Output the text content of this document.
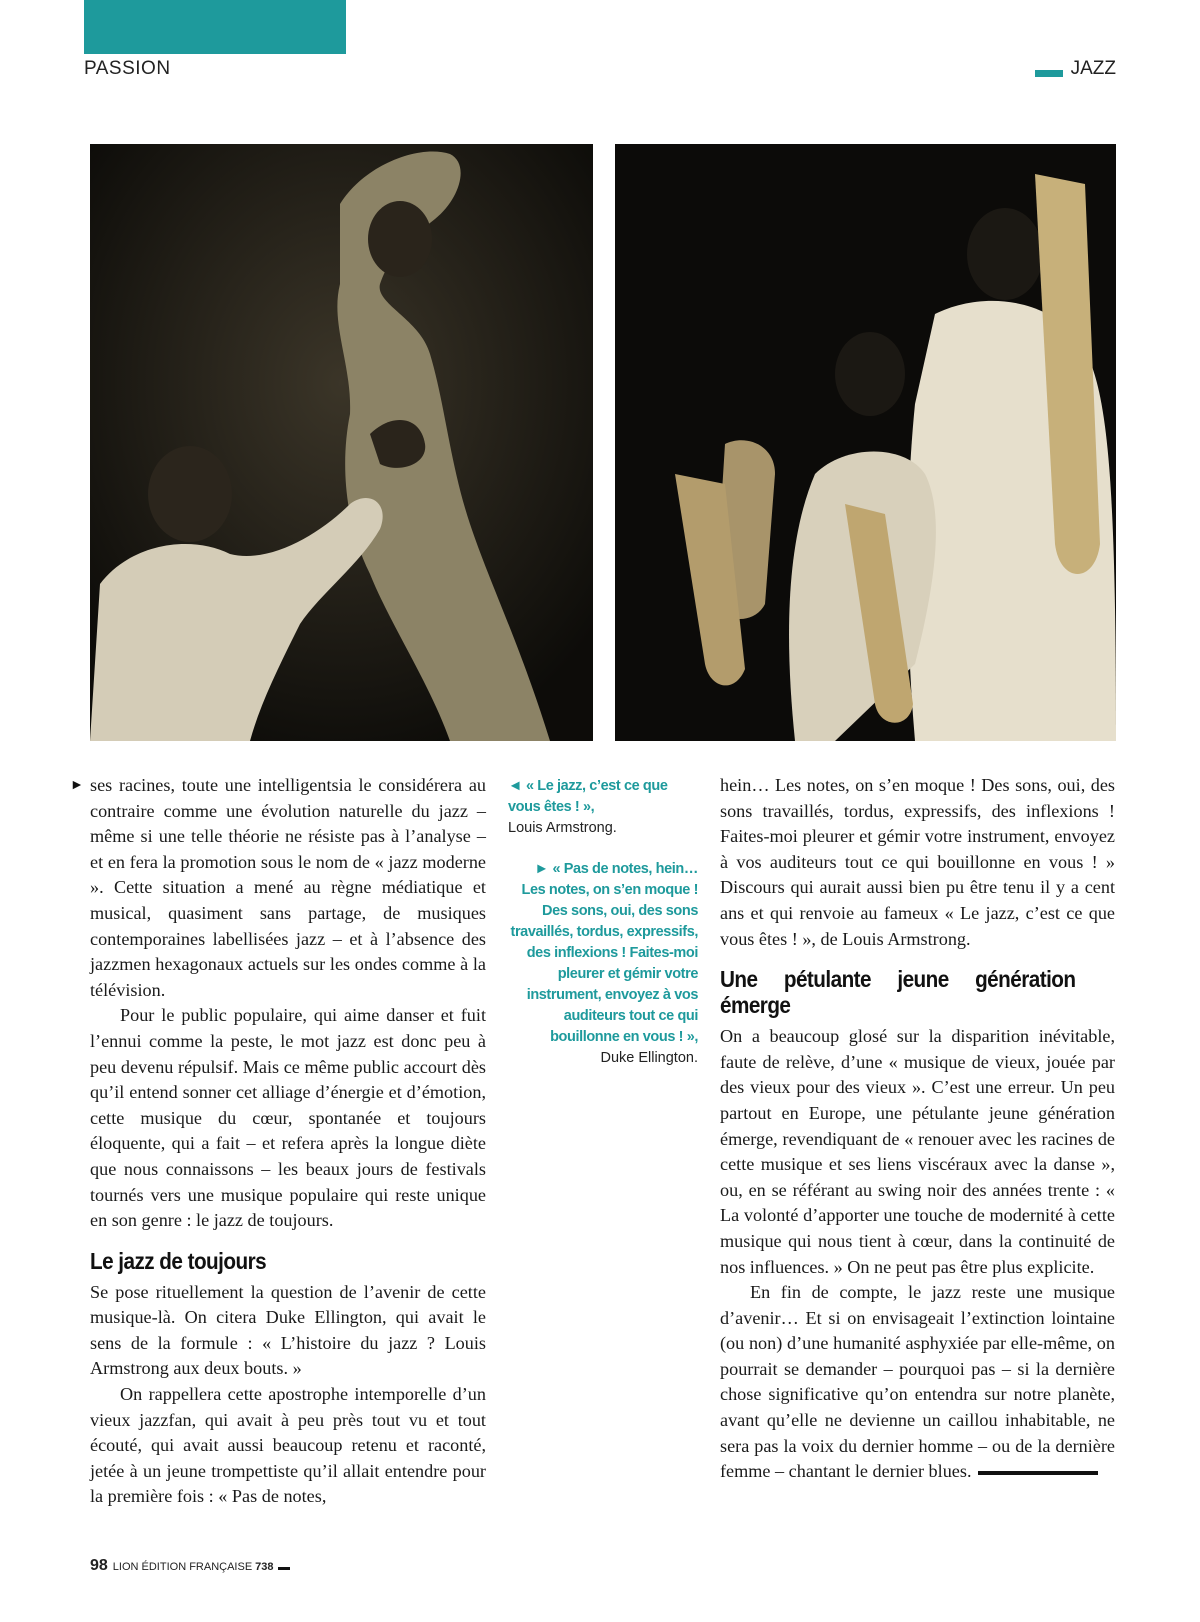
PASSION	JAZZ
► ses racines, toute une intelligentsia le considérera au contraire comme une évolution naturelle du jazz – même si une telle théorie ne résiste pas à l’analyse – et en fera la promotion sous le nom de « jazz moderne ». Cette situation a mené au règne médiatique et musical, quasiment sans partage, de musiques contemporaines labellisées jazz – et à l’absence des jazzmen hexagonaux actuels sur les ondes comme à la télévision.

Pour le public populaire, qui aime danser et fuit l’ennui comme la peste, le mot jazz est donc peu à peu devenu répulsif. Mais ce même public accourt dès qu’il entend sonner cet alliage d’énergie et d’émotion, cette musique du cœur, spontanée et toujours éloquente, qui a fait – et refera après la longue diète que nous connaissons – les beaux jours de festivals tournés vers une musique populaire qui reste unique en son genre : le jazz de toujours.

Le jazz de toujours

Se pose rituellement la question de l’avenir de cette musique-là. On citera Duke Ellington, qui avait le sens de la formule : « L’histoire du jazz ? Louis Armstrong aux deux bouts. »

On rappellera cette apostrophe intemporelle d’un vieux jazzfan, qui avait à peu près tout vu et tout écouté, qui avait aussi beaucoup retenu et raconté, jetée à un jeune trompettiste qu’il allait entendre pour la première fois : « Pas de notes,

◄ « Le jazz, c’est ce que vous êtes ! »,
Louis Armstrong.
► « Pas de notes, hein… Les notes, on s’en moque ! Des sons, oui, des sons travaillés, tordus, expressifs, des inflexions ! Faites-moi pleurer et gémir votre instrument, envoyez à vos auditeurs tout ce qui bouillonne en vous ! »,
Duke Ellington.

hein… Les notes, on s’en moque ! Des sons, oui, des sons travaillés, tordus, expressifs, des inflexions ! Faites-moi pleurer et gémir votre instrument, envoyez à vos auditeurs tout ce qui bouillonne en vous ! » Discours qui aurait aussi bien pu être tenu il y a cent ans et qui renvoie au fameux « Le jazz, c’est ce que vous êtes ! », de Louis Armstrong.

Une pétulante jeune génération émerge

On a beaucoup glosé sur la disparition inévitable, faute de relève, d’une « musique de vieux, jouée par des vieux pour des vieux ». C’est une erreur. Un peu partout en Europe, une pétulante jeune génération émerge, revendiquant de « renouer avec les racines de cette musique et ses liens viscéraux avec la danse », ou, en se référant au swing noir des années trente : « La volonté d’apporter une touche de modernité à cette musique qui nous tient à cœur, dans la continuité de nos influences. » On ne peut pas être plus explicite.

En fin de compte, le jazz reste une musique d’avenir… Et si on envisageait l’extinction lointaine (ou non) d’une humanité asphyxiée par elle-même, on pourrait se demander – pourquoi pas – si la dernière chose significative qu’on entendra sur notre planète, avant qu’elle ne devienne un caillou inhabitable, ne sera pas la voix du dernier homme – ou de la dernière femme – chantant le dernier blues.

98 LION ÉDITION FRANÇAISE 738
